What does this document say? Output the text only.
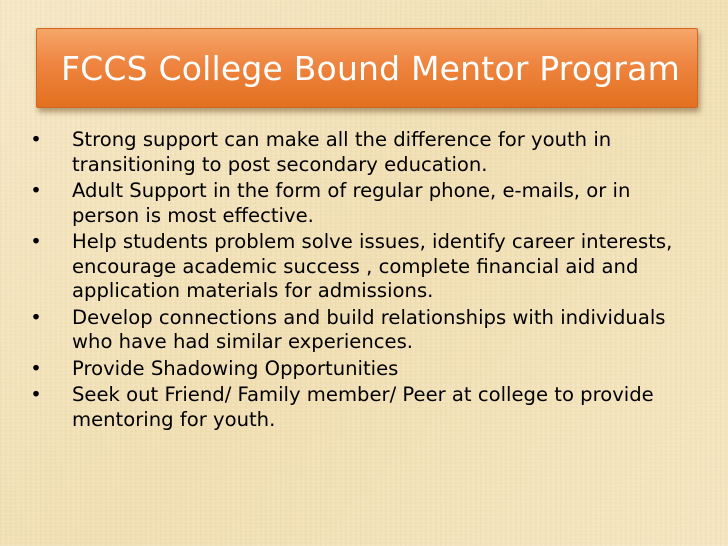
FCCS College Bound Mentor Program
• Strong support can make all the difference for youth in transitioning to post secondary education.
• Adult Support in the form of regular phone, e-mails, or in person is most effective.
• Help students problem solve issues, identify career interests, encourage academic success , complete financial aid and application materials for admissions.
• Develop connections and build relationships with individuals who have had similar experiences.
• Provide Shadowing Opportunities
• Seek out Friend/ Family member/ Peer at college to provide mentoring for youth.
